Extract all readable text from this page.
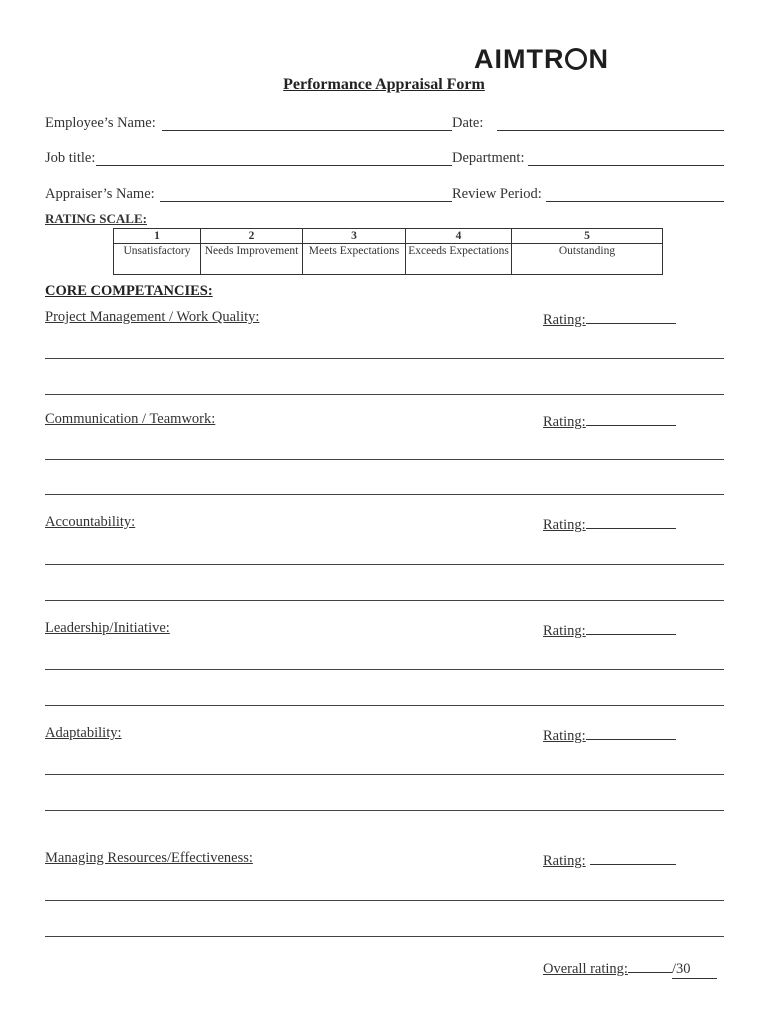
AIMTR N
Performance Appraisal Form
Employee’s Name:	Date:
Job title:	Department:
Appraiser’s Name:	Review Period:
RATING SCALE:
1	2	3	4	5
Unsatisfactory	Needs Improvement	Meets Expectations	Exceeds Expectations	Outstanding
CORE COMPETANCIES:
Project Management / Work Quality:	Rating:
Communication / Teamwork:	Rating:
Accountability:	Rating:
Leadership/Initiative:	Rating:
Adaptability:	Rating:
Managing Resources/Effectiveness:	Rating:
Overall rating:	/30
